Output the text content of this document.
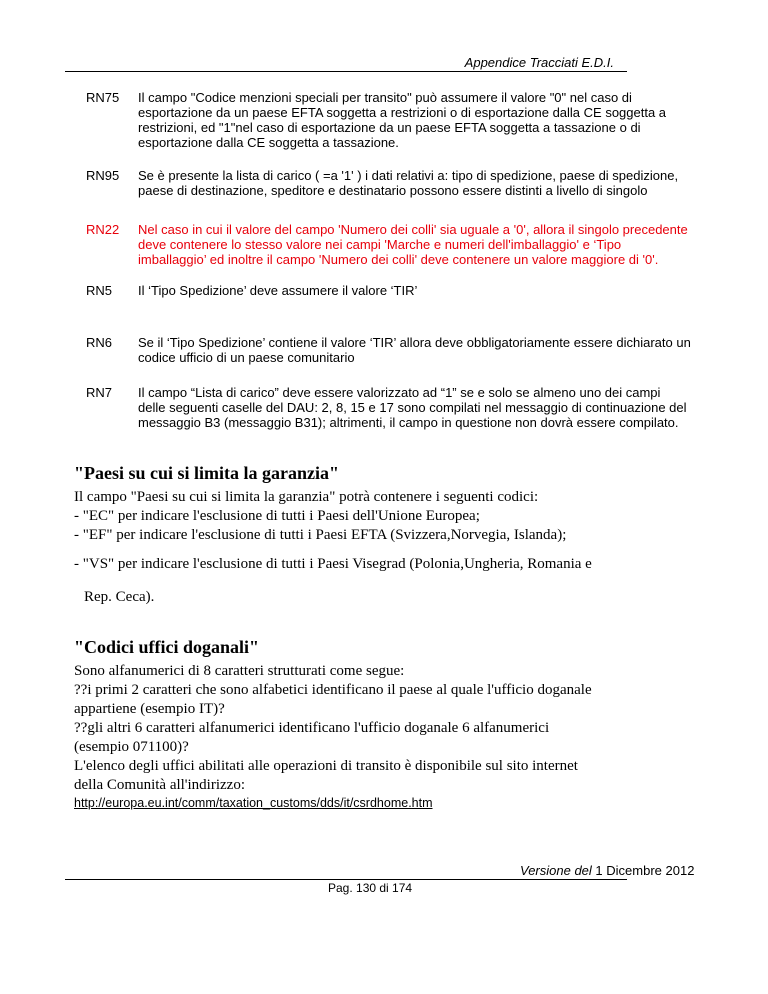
Appendice Tracciati E.D.I.
RN75	Il campo "Codice menzioni speciali per transito" può assumere il valore "0" nel caso di
esportazione da un paese EFTA soggetta a restrizioni o di esportazione dalla CE soggetta a
restrizioni, ed "1"nel caso di esportazione da un paese EFTA soggetta a tassazione o di
esportazione dalla CE soggetta a tassazione.
RN95	Se è presente la lista di carico ( =a '1' ) i dati relativi a: tipo di spedizione, paese di spedizione,
paese di destinazione, speditore e destinatario possono essere distinti a livello di singolo
RN22	Nel caso in cui il valore del campo 'Numero dei colli' sia uguale a '0', allora il singolo precedente
deve contenere lo stesso valore nei campi 'Marche e numeri dell'imballaggio' e ‘Tipo
imballaggio’ ed inoltre il campo 'Numero dei colli' deve contenere un valore maggiore di '0'.
RN5	Il ‘Tipo Spedizione’ deve assumere il valore ‘TIR’
RN6	Se il ‘Tipo Spedizione’ contiene il valore ‘TIR’ allora deve obbligatoriamente essere dichiarato un
codice ufficio di un paese comunitario
RN7	Il campo “Lista di carico” deve essere valorizzato ad “1” se e solo se almeno uno dei campi
delle seguenti caselle del DAU: 2, 8, 15 e 17 sono compilati nel messaggio di continuazione del
messaggio B3 (messaggio B31); altrimenti, il campo in questione non dovrà essere compilato.
"Paesi su cui si limita la garanzia"
Il campo "Paesi su cui si limita la garanzia" potrà contenere i seguenti codici:
- "EC" per indicare l'esclusione di tutti i Paesi dell'Unione Europea;
- "EF" per indicare l'esclusione di tutti i Paesi EFTA (Svizzera,Norvegia, Islanda);
- "VS" per indicare l'esclusione di tutti i Paesi Visegrad (Polonia,Ungheria, Romania e
Rep. Ceca).
"Codici uffici doganali"
Sono alfanumerici di 8 caratteri strutturati come segue:
??i primi 2 caratteri che sono alfabetici identificano il paese al quale l'ufficio doganale
appartiene (esempio IT)?
??gli altri 6 caratteri alfanumerici identificano l'ufficio doganale 6 alfanumerici
(esempio 071100)?
L'elenco degli uffici abilitati alle operazioni di transito è disponibile sul sito internet
della Comunità all'indirizzo:
http://europa.eu.int/comm/taxation_customs/dds/it/csrdhome.htm
Versione del 1 Dicembre 2012
Pag. 130 di 174
